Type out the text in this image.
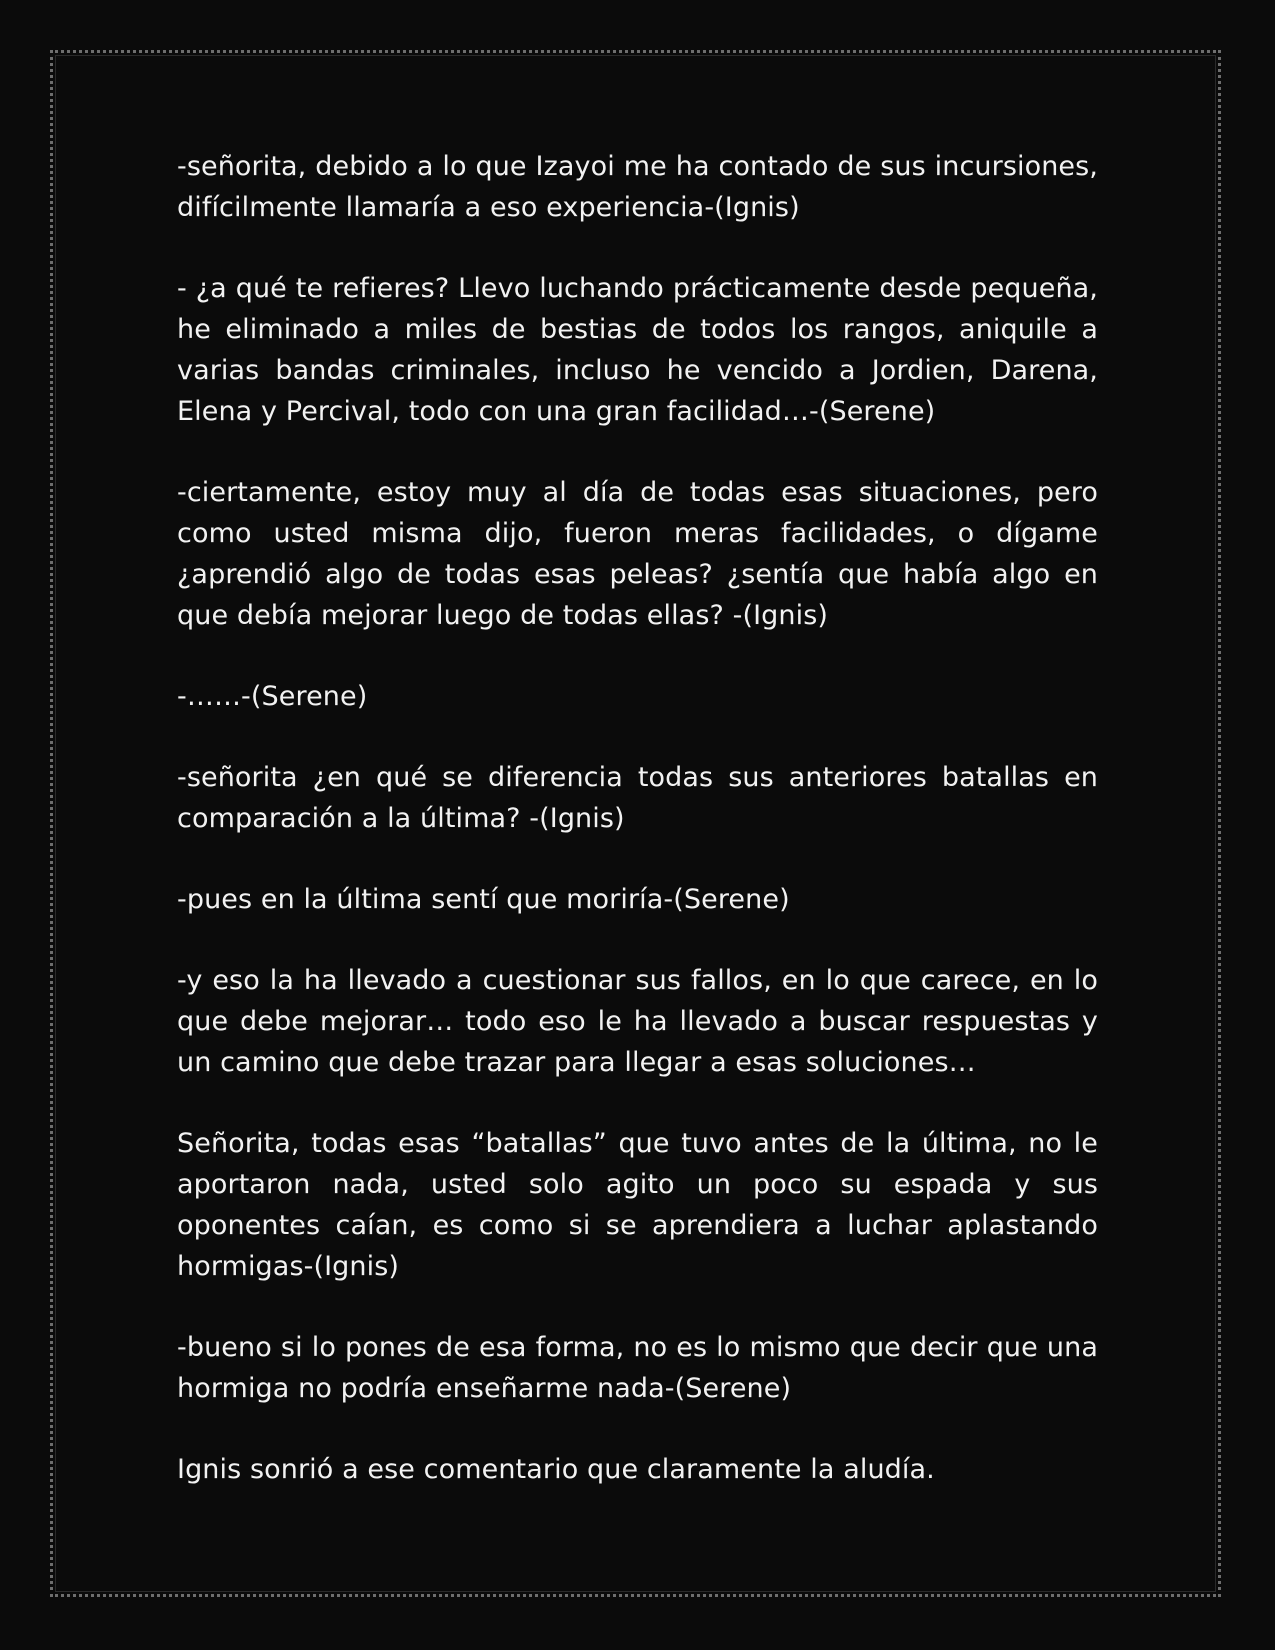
-señorita, debido a lo que Izayoi me ha contado de sus incursiones, difícilmente llamaría a eso experiencia-(Ignis)

- ¿a qué te refieres? Llevo luchando prácticamente desde pequeña, he eliminado a miles de bestias de todos los rangos, aniquile a varias bandas criminales, incluso he vencido a Jordien, Darena, Elena y Percival, todo con una gran facilidad…-(Serene)

-ciertamente, estoy muy al día de todas esas situaciones, pero como usted misma dijo, fueron meras facilidades, o dígame ¿aprendió algo de todas esas peleas? ¿sentía que había algo en que debía mejorar luego de todas ellas? -(Ignis)

-……-(Serene)

-señorita ¿en qué se diferencia todas sus anteriores batallas en comparación a la última? -(Ignis)

-pues en la última sentí que moriría-(Serene)

-y eso la ha llevado a cuestionar sus fallos, en lo que carece, en lo que debe mejorar… todo eso le ha llevado a buscar respuestas y un camino que debe trazar para llegar a esas soluciones…

Señorita, todas esas “batallas” que tuvo antes de la última, no le aportaron nada, usted solo agito un poco su espada y sus oponentes caían, es como si se aprendiera a luchar aplastando hormigas-(Ignis)

-bueno si lo pones de esa forma, no es lo mismo que decir que una hormiga no podría enseñarme nada-(Serene)

Ignis sonrió a ese comentario que claramente la aludía.
